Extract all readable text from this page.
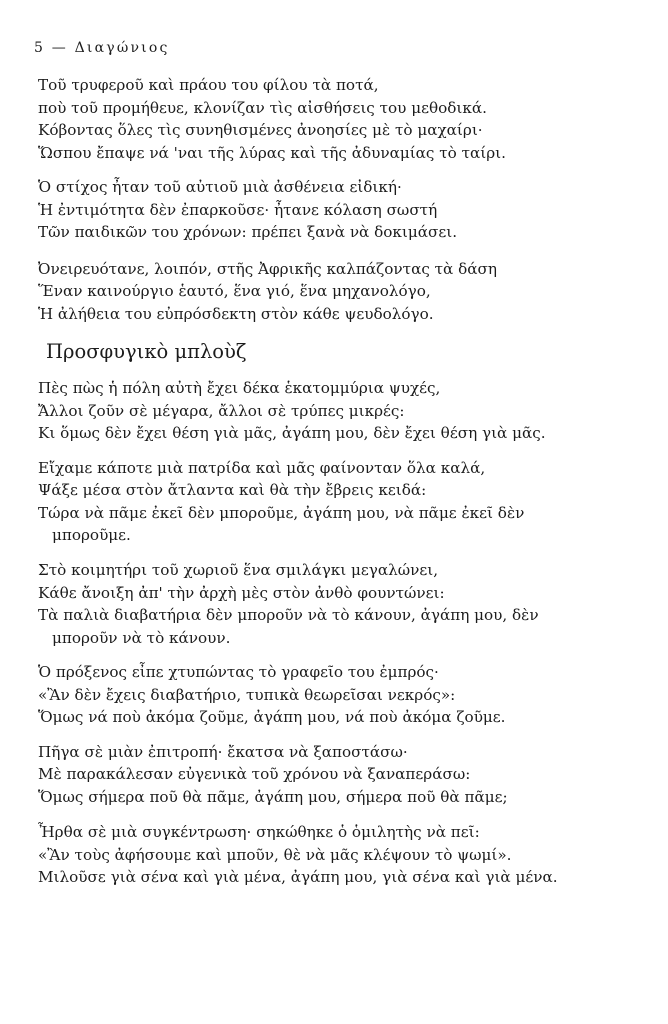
5 — Διαγώνιος
Τοῦ τρυφεροῦ καὶ πράου του φίλου τὰ ποτά,
ποὺ τοῦ προμήθευε, κλονίζαν τὶς αἰσθήσεις του μεθοδικά.
Κόβοντας ὅλες τὶς συνηθισμένες ἀνοησίες μὲ τὸ μαχαίρι·
Ὥσπου ἔπαψε νά 'ναι τῆς λύρας καὶ τῆς ἀδυναμίας τὸ ταίρι.
Ὁ στίχος ἦταν τοῦ αὐτιοῦ μιὰ ἀσθένεια εἰδική·
Ἡ ἐντιμότητα δὲν ἐπαρκοῦσε· ἦτανε κόλαση σωστή
Τῶν παιδικῶν του χρόνων: πρέπει ξανὰ νὰ δοκιμάσει.
Ὀνειρευότανε, λοιπόν, στῆς Ἀφρικῆς καλπάζοντας τὰ δάση
Ἕναν καινούργιο ἑαυτό, ἕνα γιό, ἕνα μηχανολόγο,
Ἡ ἀλήθεια του εὐπρόσδεκτη στὸν κάθε ψευδολόγο.
Προσφυγικὸ μπλοὺζ
Πὲς πὼς ἡ πόλη αὐτὴ ἔχει δέκα ἑκατομμύρια ψυχές,
Ἄλλοι ζοῦν σὲ μέγαρα, ἄλλοι σὲ τρύπες μικρές:
Κι ὅμως δὲν ἔχει θέση γιὰ μᾶς, ἀγάπη μου, δὲν ἔχει θέση γιὰ μᾶς.
Εἴχαμε κάποτε μιὰ πατρίδα καὶ μᾶς φαίνονταν ὅλα καλά,
Ψάξε μέσα στὸν ἄτλαντα καὶ θὰ τὴν ἔβρεις κειδά:
Τώρα νὰ πᾶμε ἐκεῖ δὲν μποροῦμε, ἀγάπη μου, νὰ πᾶμε ἐκεῖ δὲν
μποροῦμε.
Στὸ κοιμητήρι τοῦ χωριοῦ ἕνα σμιλάγκι μεγαλώνει,
Κάθε ἄνοιξη ἀπ' τὴν ἀρχὴ μὲς στὸν ἀνθὸ φουντώνει:
Τὰ παλιὰ διαβατήρια δὲν μποροῦν νὰ τὸ κάνουν, ἀγάπη μου, δὲν
μποροῦν νὰ τὸ κάνουν.
Ὁ πρόξενος εἶπε χτυπώντας τὸ γραφεῖο του ἐμπρός·
«Ἂν δὲν ἔχεις διαβατήριο, τυπικὰ θεωρεῖσαι νεκρός»:
Ὅμως νά ποὺ ἀκόμα ζοῦμε, ἀγάπη μου, νά ποὺ ἀκόμα ζοῦμε.
Πῆγα σὲ μιὰν ἐπιτροπή· ἔκατσα νὰ ξαποστάσω·
Μὲ παρακάλεσαν εὐγενικὰ τοῦ χρόνου νὰ ξαναπεράσω:
Ὅμως σήμερα ποῦ θὰ πᾶμε, ἀγάπη μου, σήμερα ποῦ θὰ πᾶμε;
Ἦρθα σὲ μιὰ συγκέντρωση· σηκώθηκε ὁ ὁμιλητὴς νὰ πεῖ:
«Ἂν τοὺς ἀφήσουμε καὶ μποῦν, θὲ νὰ μᾶς κλέψουν τὸ ψωμί».
Μιλοῦσε γιὰ σένα καὶ γιὰ μένα, ἀγάπη μου, γιὰ σένα καὶ γιὰ μένα.
